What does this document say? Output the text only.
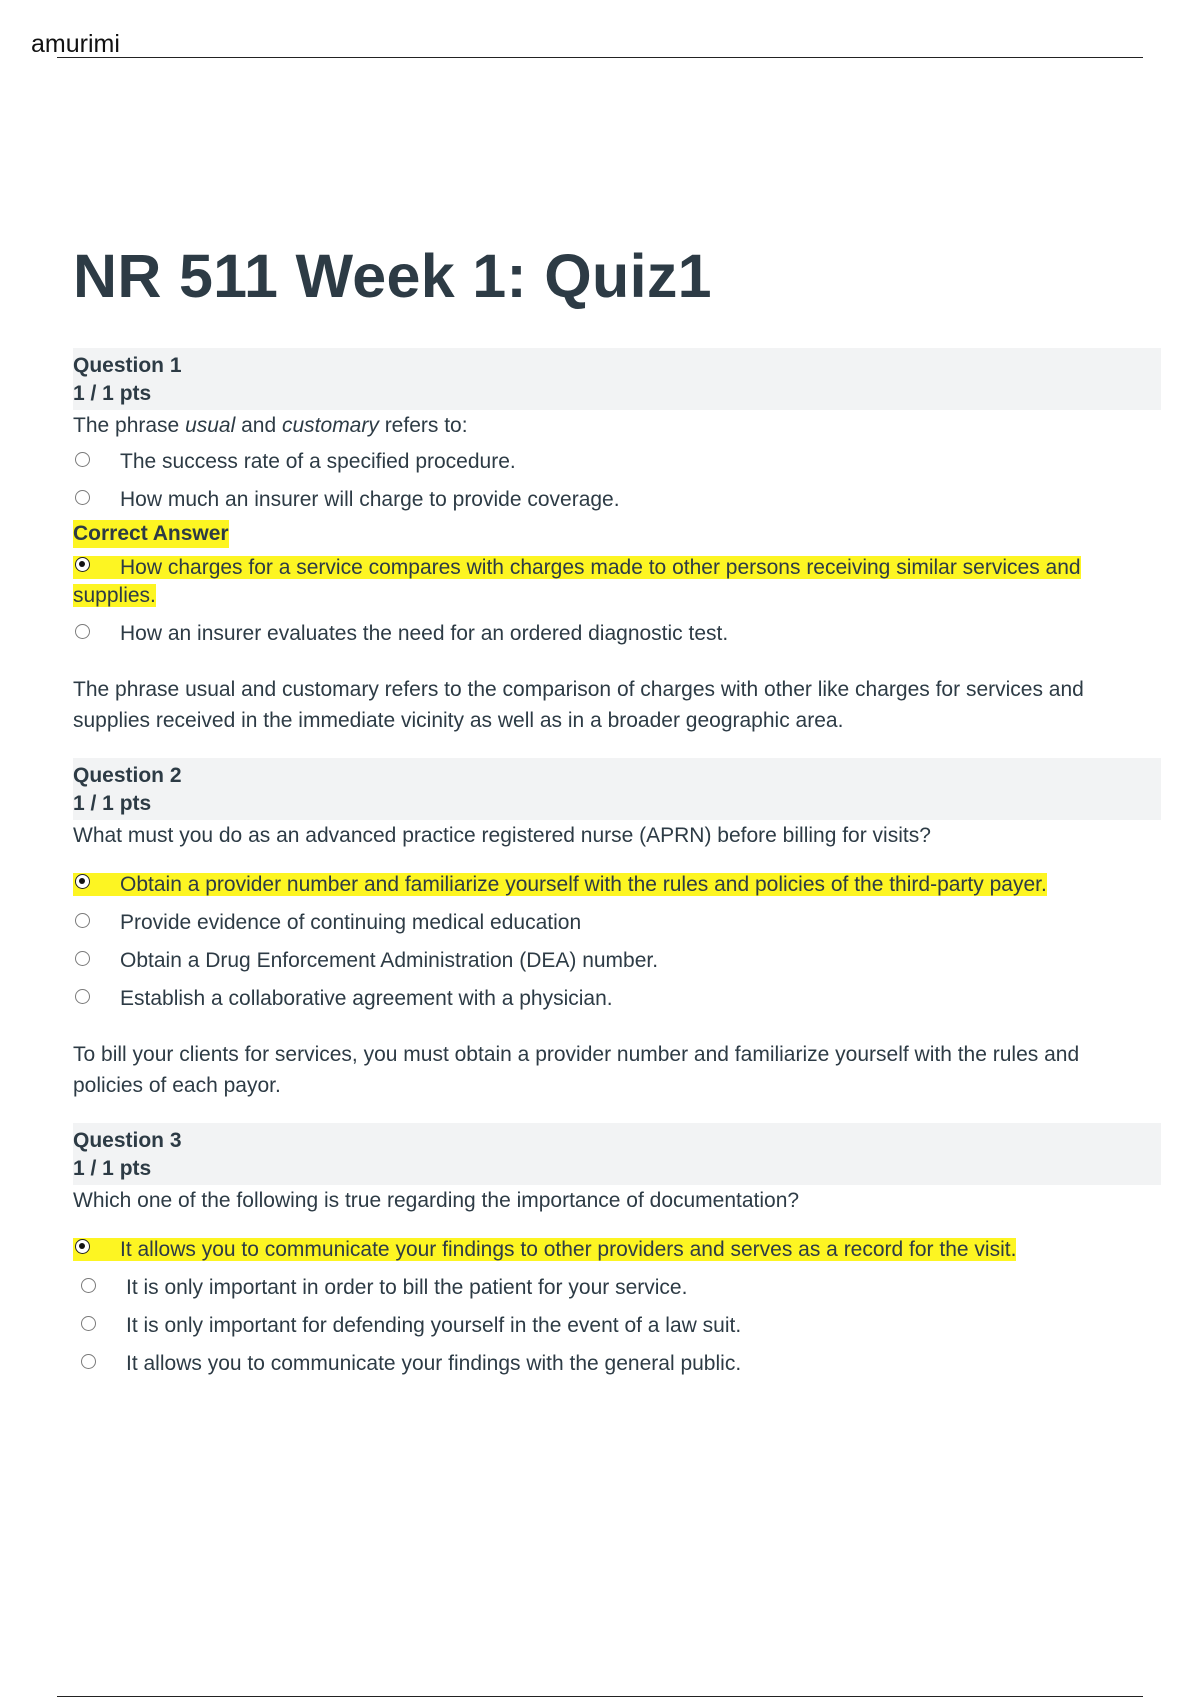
amurimi
NR 511 Week 1: Quiz1
Question 1
1 / 1 pts
The phrase usual and customary refers to:
The success rate of a specified procedure.
How much an insurer will charge to provide coverage.
Correct Answer
How charges for a service compares with charges made to other persons receiving similar services and supplies.
How an insurer evaluates the need for an ordered diagnostic test.
The phrase usual and customary refers to the comparison of charges with other like charges for services and supplies received in the immediate vicinity as well as in a broader geographic area.
Question 2
1 / 1 pts
What must you do as an advanced practice registered nurse (APRN) before billing for visits?
Obtain a provider number and familiarize yourself with the rules and policies of the third-party payer.
Provide evidence of continuing medical education
Obtain a Drug Enforcement Administration (DEA) number.
Establish a collaborative agreement with a physician.
To bill your clients for services, you must obtain a provider number and familiarize yourself with the rules and policies of each payor.
Question 3
1 / 1 pts
Which one of the following is true regarding the importance of documentation?
It allows you to communicate your findings to other providers and serves as a record for the visit.
It is only important in order to bill the patient for your service.
It is only important for defending yourself in the event of a law suit.
It allows you to communicate your findings with the general public.
